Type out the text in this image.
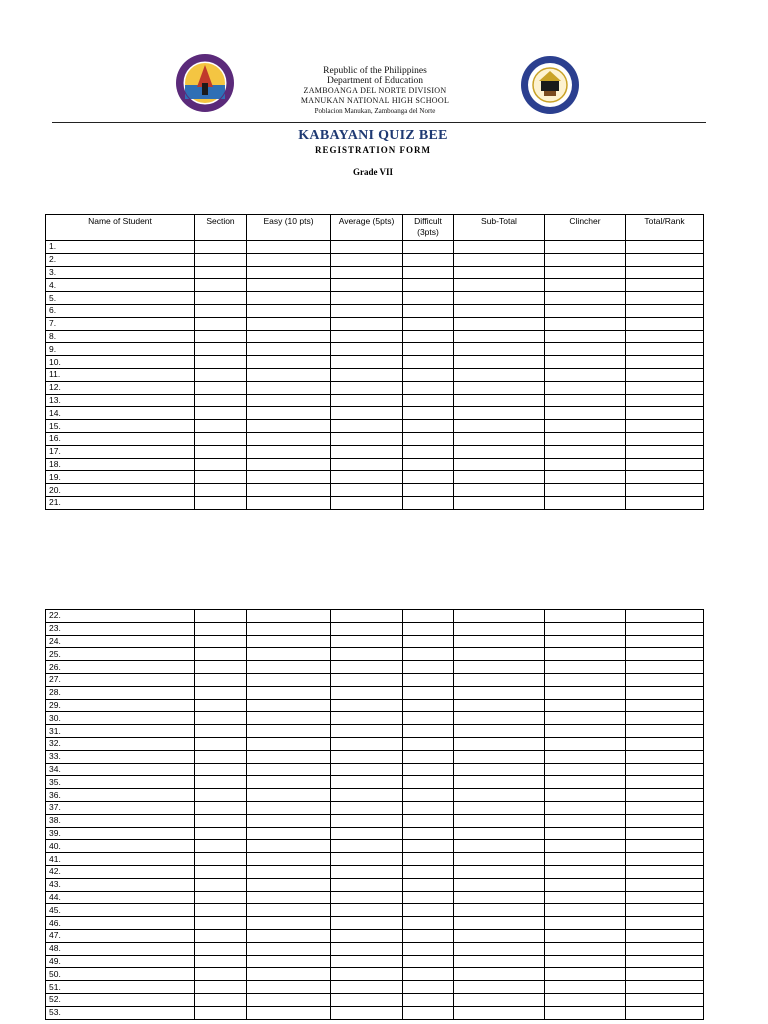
Republic of the Philippines
Department of Education
ZAMBOANGA DEL NORTE DIVISION
MANUKAN NATIONAL HIGH SCHOOL
Poblacion Manukan, Zamboanga del Norte
KABAYANI QUIZ BEE
REGISTRATION FORM
Grade VII
Name of Student	Section	Easy (10 pts)	Average (5pts)	Difficult (3pts)	Sub-Total	Clincher	Total/Rank
1.							
2.							
3.							
4.							
5.							
6.							
7.							
8.							
9.							
10.							
11.							
12.							
13.							
14.							
15.							
16.							
17.							
18.							
19.							
20.							
21.							
22.							
23.							
24.							
25.							
26.							
27.							
28.							
29.							
30.							
31.							
32.							
33.							
34.							
35.							
36.							
37.							
38.							
39.							
40.							
41.							
42.							
43.							
44.							
45.							
46.							
47.							
48.							
49.							
50.							
51.							
52.							
53.							
